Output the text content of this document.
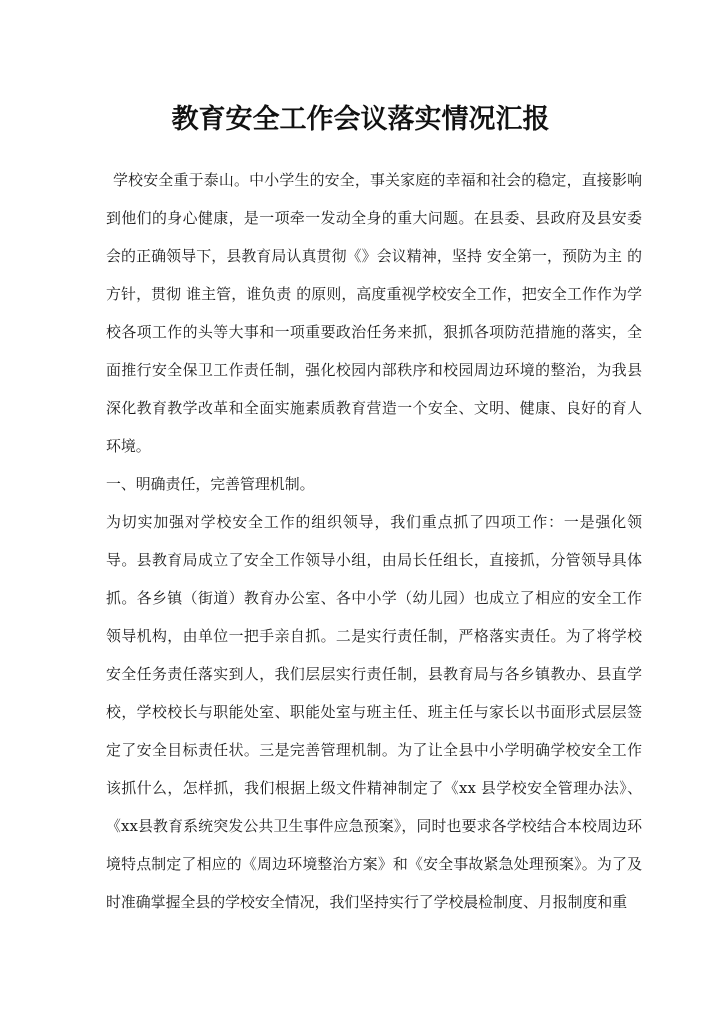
教育安全工作会议落实情况汇报

学校安全重于泰山。中小学生的安全，事关家庭的幸福和社会的稳定，直接影响到他们的身心健康，是一项牵一发动全身的重大问题。在县委、县政府及县安委会的正确领导下，县教育局认真贯彻《》会议精神，坚持 安全第一，预防为主 的方针，贯彻 谁主管，谁负责 的原则，高度重视学校安全工作，把安全工作作为学校各项工作的头等大事和一项重要政治任务来抓，狠抓各项防范措施的落实，全面推行安全保卫工作责任制，强化校园内部秩序和校园周边环境的整治，为我县深化教育教学改革和全面实施素质教育营造一个安全、文明、健康、良好的育人环境。

一、明确责任，完善管理机制。

为切实加强对学校安全工作的组织领导，我们重点抓了四项工作：一是强化领导。县教育局成立了安全工作领导小组，由局长任组长，直接抓，分管领导具体抓。各乡镇（街道）教育办公室、各中小学（幼儿园）也成立了相应的安全工作领导机构，由单位一把手亲自抓。二是实行责任制，严格落实责任。为了将学校安全任务责任落实到人，我们层层实行责任制，县教育局与各乡镇教办、县直学校，学校校长与职能处室、职能处室与班主任、班主任与家长以书面形式层层签定了安全目标责任状。三是完善管理机制。为了让全县中小学明确学校安全工作该抓什么，怎样抓，我们根据上级文件精神制定了《xx 县学校安全管理办法》、《xx县教育系统突发公共卫生事件应急预案》，同时也要求各学校结合本校周边环境特点制定了相应的《周边环境整治方案》和《安全事故紧急处理预案》。为了及时准确掌握全县的学校安全情况，我们坚持实行了学校晨检制度、月报制度和重
